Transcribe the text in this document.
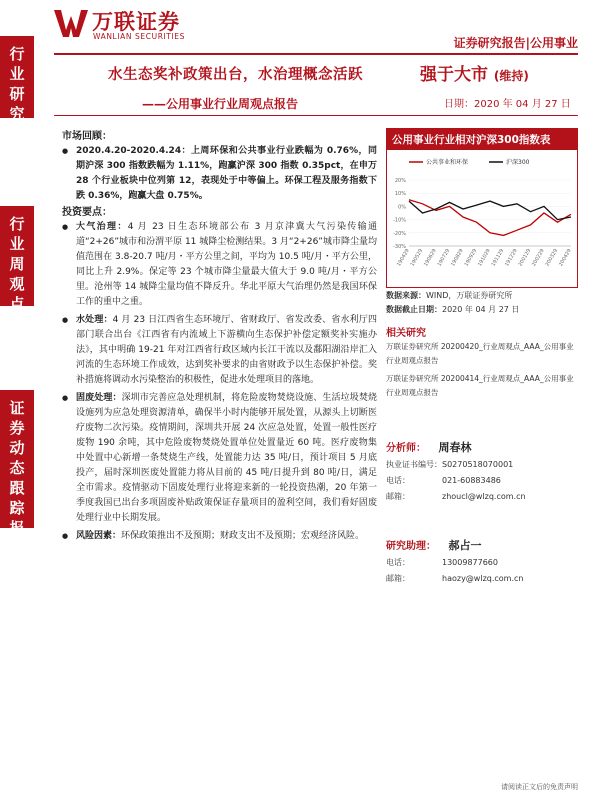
万联证券
WANLIAN SECURITIES	证券研究报告|公用事业
行
业
研
究
行
业
周
观
点
证
券
动
态
跟
踪
报
告
水生态奖补政策出台，水治理概念活跃
——公用事业行业周观点报告
强于大市 (维持)
日期：2020 年 04 月 27 日
市场回顾：
● 2020.4.20-2020.4.24：上周环保和公共事业行业跌幅为 0.76%，同期沪深 300 指数跌幅为 1.11%，跑赢沪深 300 指数 0.35pct，在申万 28 个行业板块中位列第 12，表现处于中等偏上。环保工程及服务指数下跌 0.36%，跑赢大盘 0.75%。
投资要点：
● 大气治理：4 月 23 日生态环境部公布 3 月京津冀大气污染传输通道“2+26”城市和汾渭平原 11 城降尘检测结果。3 月“2+26”城市降尘量均值范围在 3.8-20.7 吨/月・平方公里之间，平均为 10.5 吨/月・平方公里，同比上升 2.9%。保定等 23 个城市降尘量最大值大于 9.0 吨/月・平方公里。沧州等 14 城降尘量均值不降反升。华北平原大气治理仍然是我国环保工作的重中之重。
● 水处理：4 月 23 日江西省生态环境厅、省财政厅、省发改委、省水利厅四部门联合出台《江西省有内流域上下游横向生态保护补偿定额奖补实施办法》，其中明确 19-21 年对江西省行政区域内长江干流以及鄱阳湖沿岸汇入河流的生态环境工作成效，达到奖补要求的由省财政予以生态保护补偿。奖补措施将调动水污染整治的积极性，促进水处理项目的落地。
● 固废处理：深圳市完善应急处理机制，将危险废物焚烧设施、生活垃圾焚烧设施列为应急处理资源清单，确保半小时内能够开展处置，从源头上切断医疗废物二次污染。疫情期间，深圳共开展 24 次应急处置，处置一般性医疗废物 190 余吨，其中危险废物焚烧处置单位处置量近 60 吨。医疗废物集中处置中心新增一条焚烧生产线，处置能力达 35 吨/日，预计项目 5 月底投产，届时深圳医废处置能力将从目前的 45 吨/日提升到 80 吨/日，满足全市需求。疫情驱动下固废处理行业将迎来新的一轮投资热潮，20 年第一季度我国已出台多项固废补贴政策保证存量项目的盈利空间，我们看好固废处理行业中长期发展。
● 风险因素：环保政策推出不及预期；财政支出不及预期；宏观经济风险。
公用事业行业相对沪深300指数表
-30%
-20%
-10%
0%
10%
20%
190429
190529
190629
190729
190829
190929
191029
191129
191229
200129
200229
200329
200429
公共事业和环保	沪深300
数据来源：WIND，万联证券研究所
数据截止日期：2020 年 04 月 27 日
相关研究
万联证券研究所 20200420_行业周观点_AAA_公用事业行业周观点报告
万联证券研究所 20200414_行业周观点_AAA_公用事业行业周观点报告
分析师： 周春林
执业证书编号： S0270518070001
电话：	021-60883486
邮箱：	zhoucl@wlzq.com.cn
研究助理： 郝占一
电话：	13009877660
邮箱：	haozy@wlzq.com.cn
请阅读正文后的免责声明
